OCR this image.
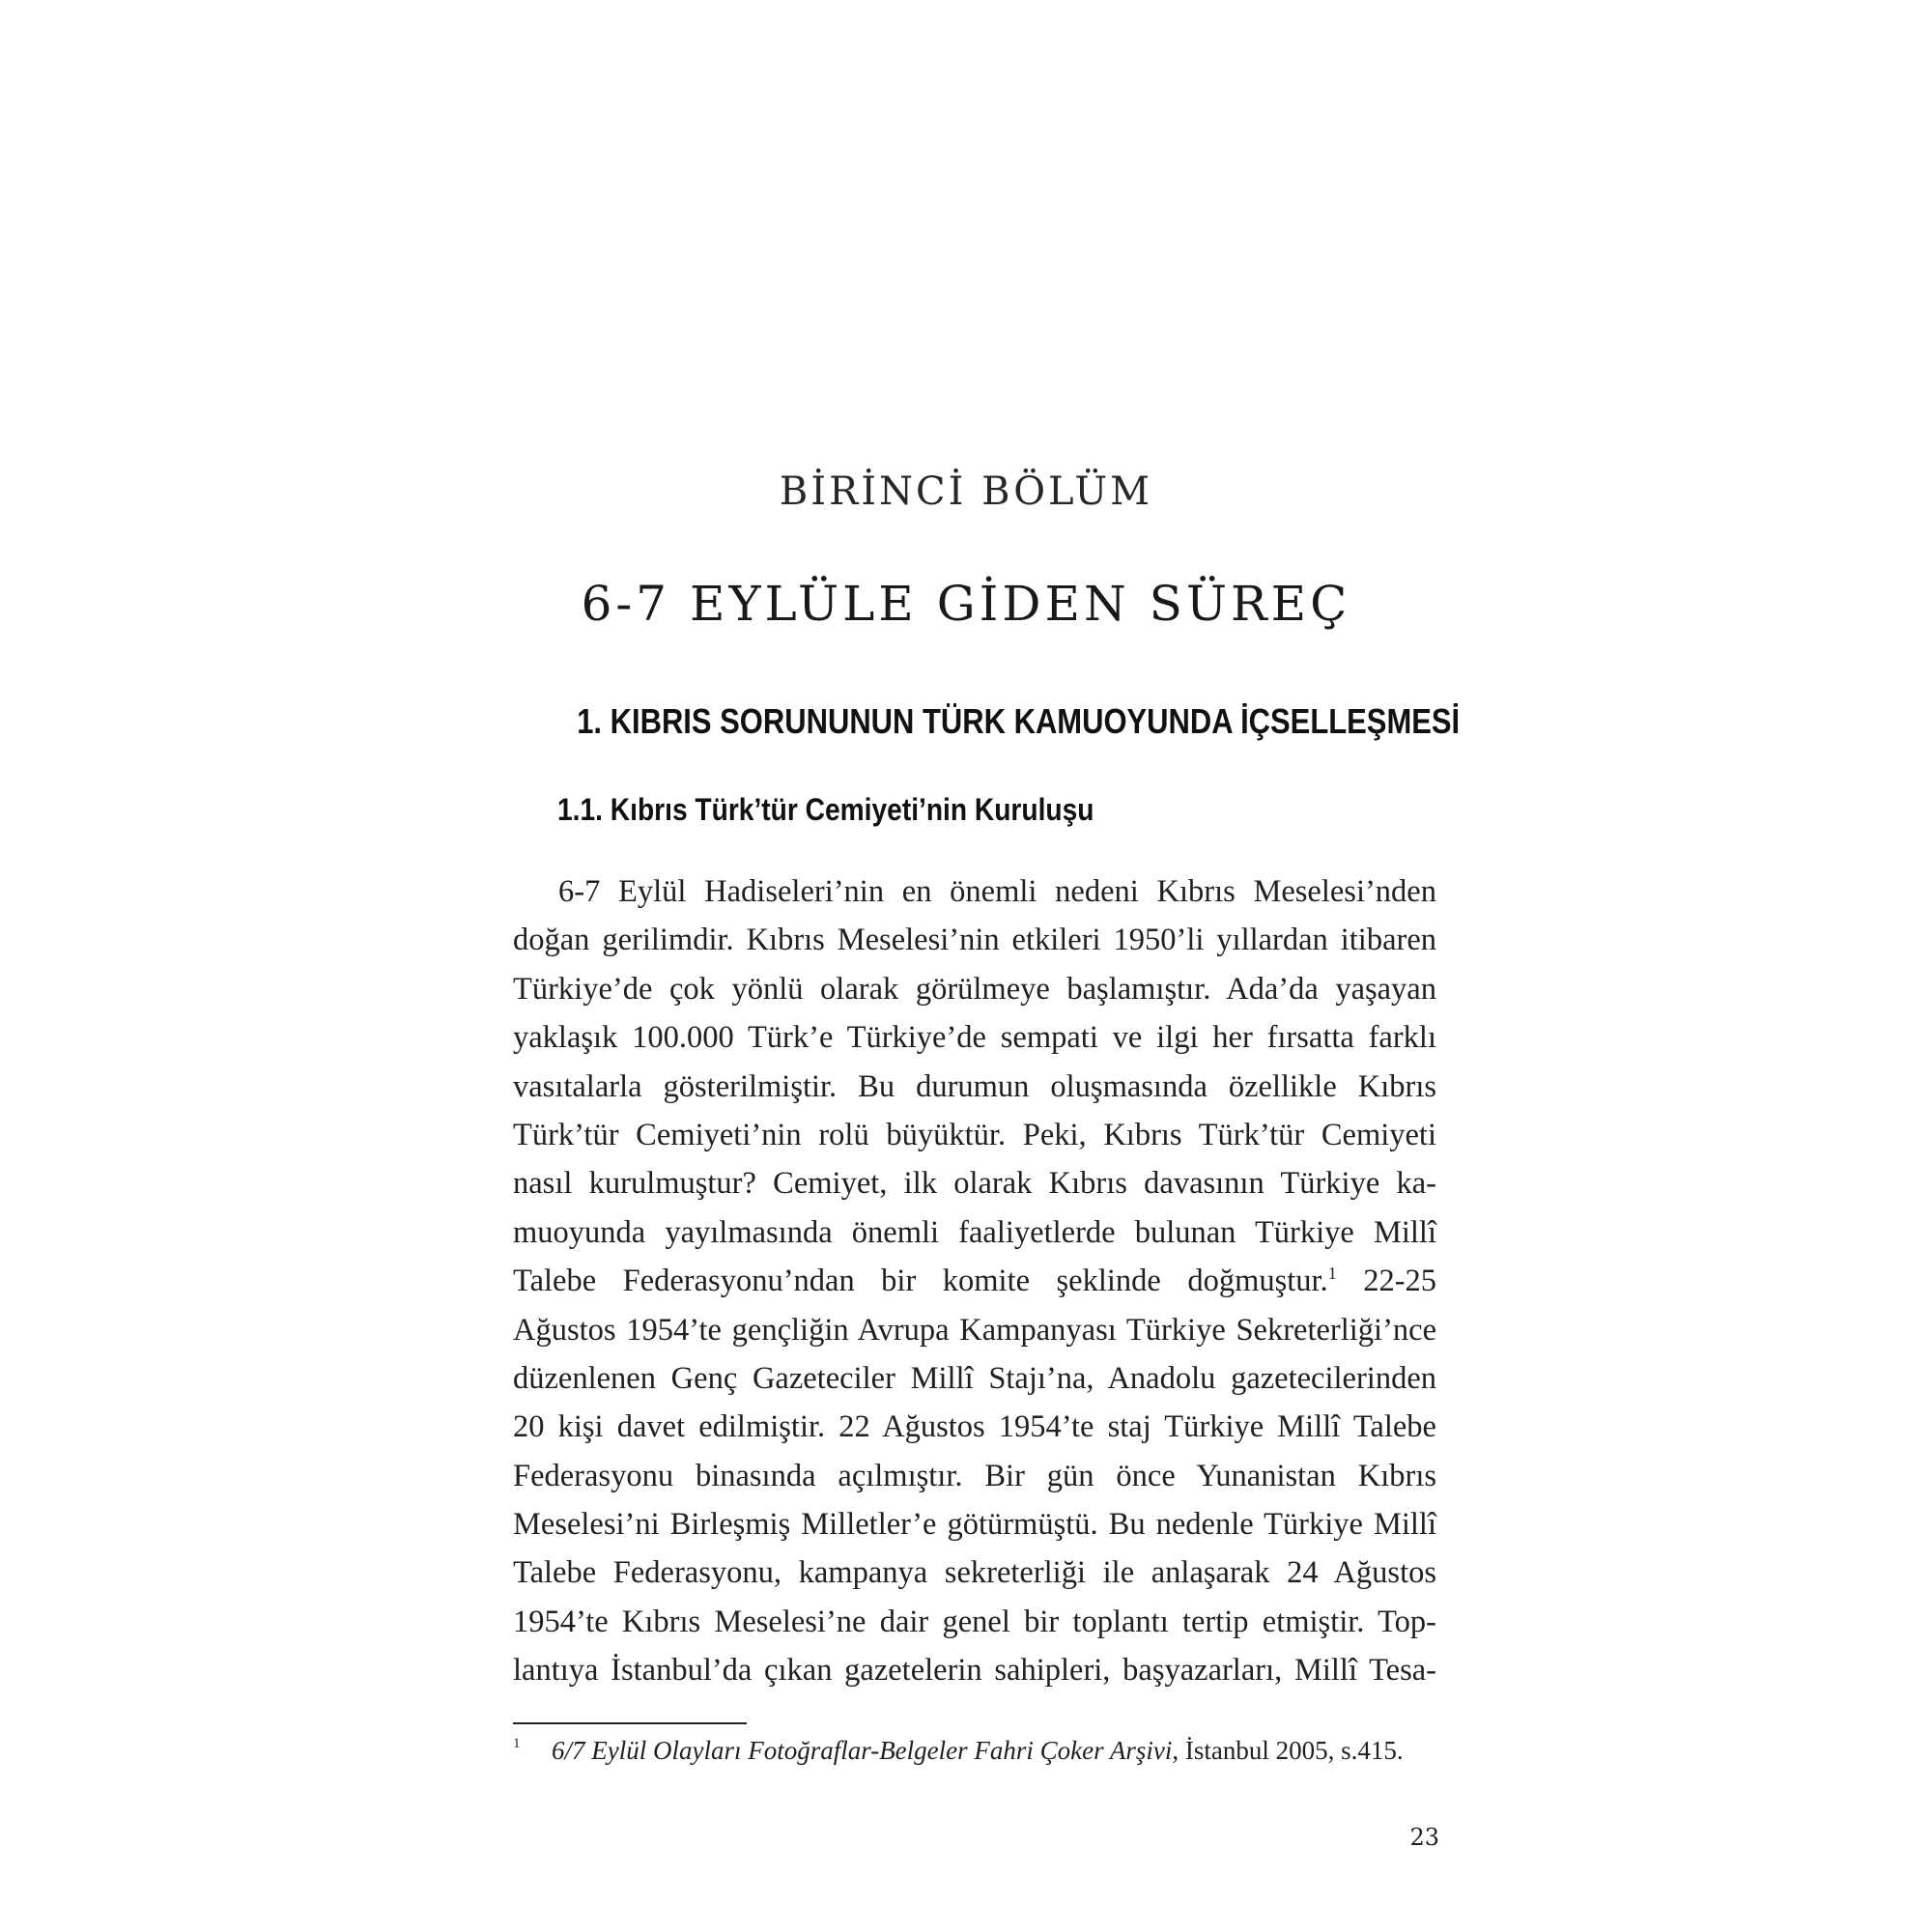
BİRİNCİ BÖLÜM
6-7 EYLÜLE GİDEN SÜREÇ
1. KIBRIS SORUNUNUN TÜRK KAMUOYUNDA İÇSELLEŞMESİ
1.1. Kıbrıs Türk’tür Cemiyeti’nin Kuruluşu
6-7 Eylül Hadiseleri’nin en önemli nedeni Kıbrıs Meselesi’nden
doğan gerilimdir. Kıbrıs Meselesi’nin etkileri 1950’li yıllardan itibaren
Türkiye’de çok yönlü olarak görülmeye başlamıştır. Ada’da yaşayan
yaklaşık 100.000 Türk’e Türkiye’de sempati ve ilgi her fırsatta farklı
vasıtalarla gösterilmiştir. Bu durumun oluşmasında özellikle Kıbrıs
Türk’tür Cemiyeti’nin rolü büyüktür. Peki, Kıbrıs Türk’tür Cemiyeti
nasıl kurulmuştur? Cemiyet, ilk olarak Kıbrıs davasının Türkiye ka-
muoyunda yayılmasında önemli faaliyetlerde bulunan Türkiye Millî
Talebe Federasyonu’ndan bir komite şeklinde doğmuştur.$^1$ 22-25
Ağustos 1954’te gençliğin Avrupa Kampanyası Türkiye Sekreterliği’nce
düzenlenen Genç Gazeteciler Millî Stajı’na, Anadolu gazetecilerinden
20 kişi davet edilmiştir. 22 Ağustos 1954’te staj Türkiye Millî Talebe
Federasyonu binasında açılmıştır. Bir gün önce Yunanistan Kıbrıs
Meselesi’ni Birleşmiş Milletler’e götürmüştü. Bu nedenle Türkiye Millî
Talebe Federasyonu, kampanya sekreterliği ile anlaşarak 24 Ağustos
1954’te Kıbrıs Meselesi’ne dair genel bir toplantı tertip etmiştir. Top-
lantıya İstanbul’da çıkan gazetelerin sahipleri, başyazarları, Millî Tesa-
1 6/7 Eylül Olayları Fotoğraflar-Belgeler Fahri Çoker Arşivi, İstanbul 2005, s.415.
23
